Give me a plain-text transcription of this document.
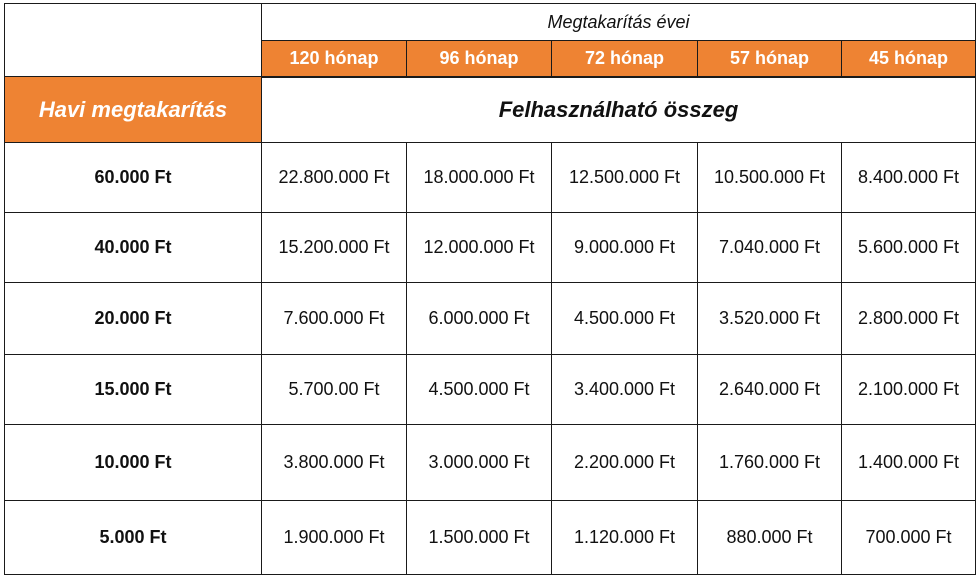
	Megtakarítás évei				
	120 hónap	96 hónap	72 hónap	57 hónap	45 hónap
Havi megtakarítás	Felhasználható összeg				
60.000 Ft	22.800.000 Ft	18.000.000 Ft	12.500.000 Ft	10.500.000 Ft	8.400.000 Ft
40.000 Ft	15.200.000 Ft	12.000.000 Ft	9.000.000 Ft	7.040.000 Ft	5.600.000 Ft
20.000 Ft	7.600.000 Ft	6.000.000 Ft	4.500.000 Ft	3.520.000 Ft	2.800.000 Ft
15.000 Ft	5.700.00 Ft	4.500.000 Ft	3.400.000 Ft	2.640.000 Ft	2.100.000 Ft
10.000 Ft	3.800.000 Ft	3.000.000 Ft	2.200.000 Ft	1.760.000 Ft	1.400.000 Ft
5.000 Ft	1.900.000 Ft	1.500.000 Ft	1.120.000 Ft	880.000 Ft	700.000 Ft
